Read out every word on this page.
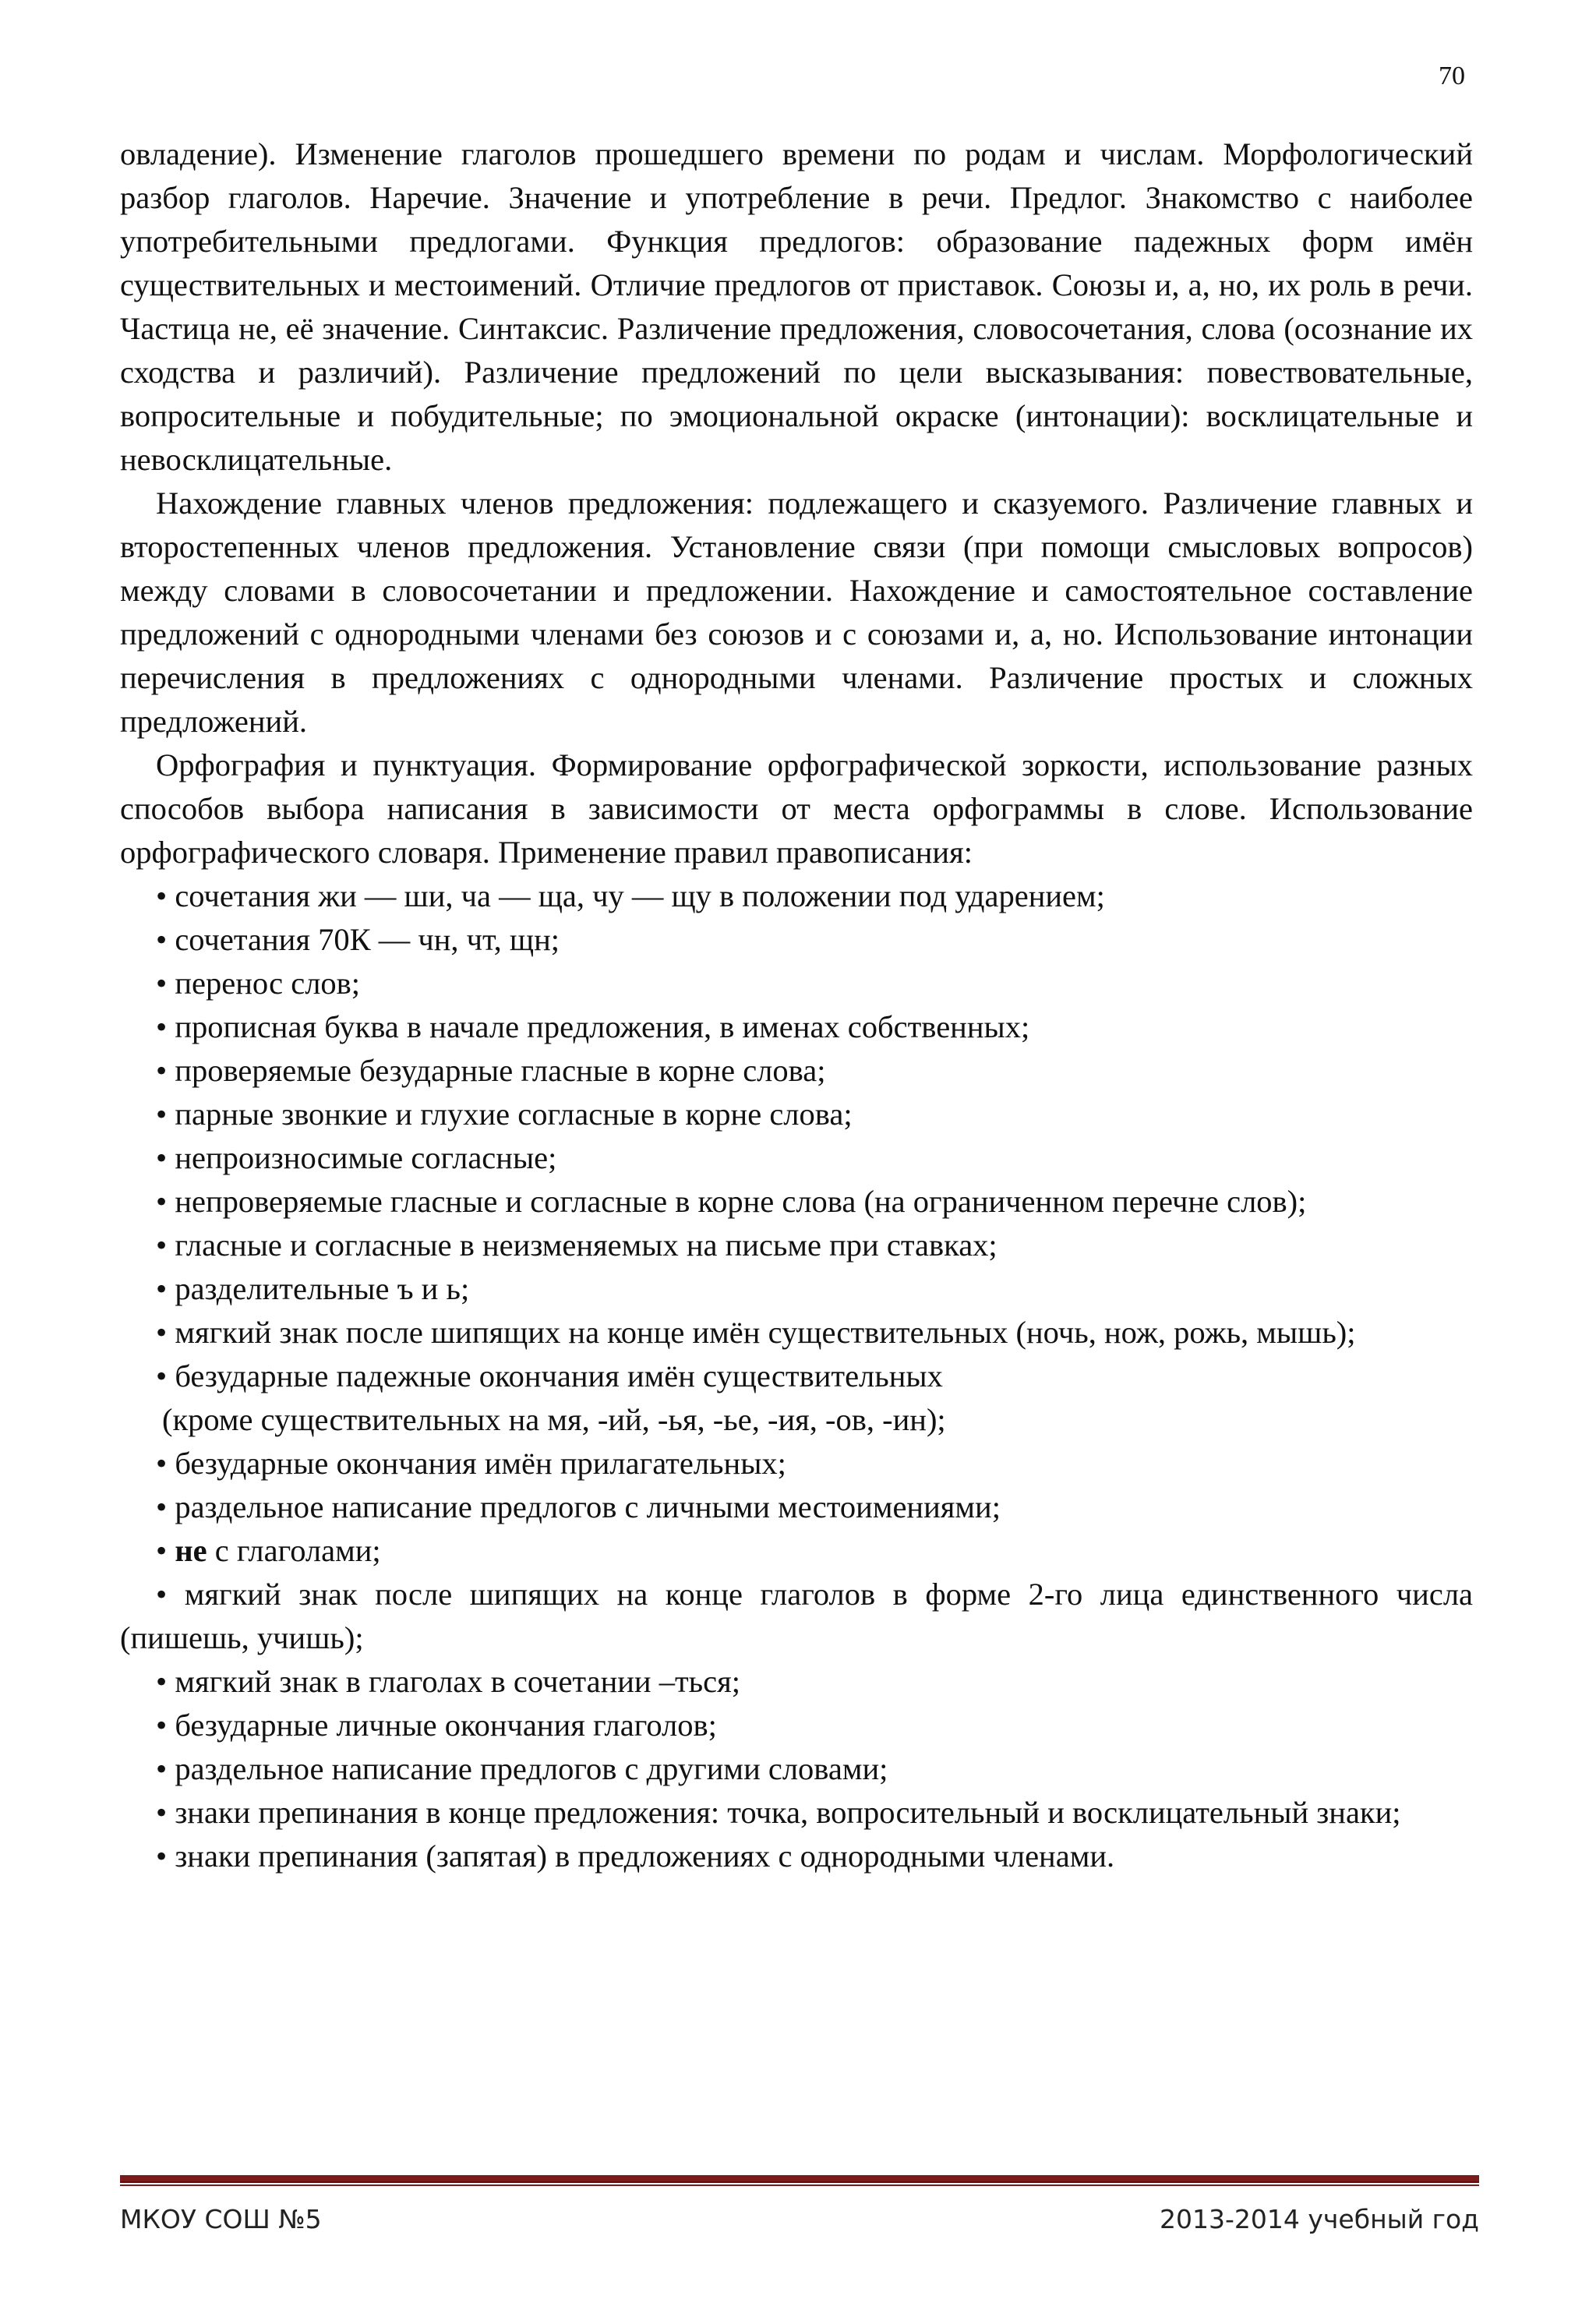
70

овладение). Изменение глаголов прошедшего времени по родам и числам. Морфологический разбор глаголов. Наречие. Значение и употребление в речи. Предлог. Знакомство с наиболее употребительными предлогами. Функция предлогов: образование падежных форм имён существительных и местоимений. Отличие предлогов от приставок. Союзы и, а, но, их роль в речи. Частица не, её значение. Синтаксис. Различение предложения, словосочетания, слова (осознание их сходства и различий). Различение предложений по цели высказывания: повествовательные, вопросительные и побудительные; по эмоциональной окраске (интонации): восклицательные и невосклицательные.

Нахождение главных членов предложения: подлежащего и сказуемого. Различение главных и второстепенных членов предложения. Установление связи (при помощи смысловых вопросов) между словами в словосочетании и предложении. Нахождение и самостоятельное составление предложений с однородными членами без союзов и с союзами и, а, но. Использование интонации перечисления в предложениях с однородными членами. Различение простых и сложных предложений.

Орфография и пунктуация. Формирование орфографической зоркости, использование разных способов выбора написания в зависимости от места орфограммы в слове. Использование орфографического словаря. Применение правил правописания:

• сочетания жи — ши, ча — ща, чу — щу в положении под ударением;
• сочетания 70К — чн, чт, щн;
• перенос слов;
• прописная буква в начале предложения, в именах собственных;
• проверяемые безударные гласные в корне слова;
• парные звонкие и глухие согласные в корне слова;
• непроизносимые согласные;
• непроверяемые гласные и согласные в корне слова (на ограниченном перечне слов);
• гласные и согласные в неизменяемых на письме при ставках;
• разделительные ъ и ь;
• мягкий знак после шипящих на конце имён существительных (ночь, нож, рожь, мышь);
• безударные падежные окончания имён существительных
(кроме существительных на мя, -ий, -ья, -ье, -ия, -ов, -ин);
• безударные окончания имён прилагательных;
• раздельное написание предлогов с личными местоимениями;
• не с глаголами;
• мягкий знак после шипящих на конце глаголов в форме 2-го лица единственного числа (пишешь, учишь);
• мягкий знак в глаголах в сочетании –ться;
• безударные личные окончания глаголов;
• раздельное написание предлогов с другими словами;
• знаки препинания в конце предложения: точка, вопросительный и восклицательный знаки;
• знаки препинания (запятая) в предложениях с однородными членами.
МКОУ СОШ №5	2013-2014 учебный год
